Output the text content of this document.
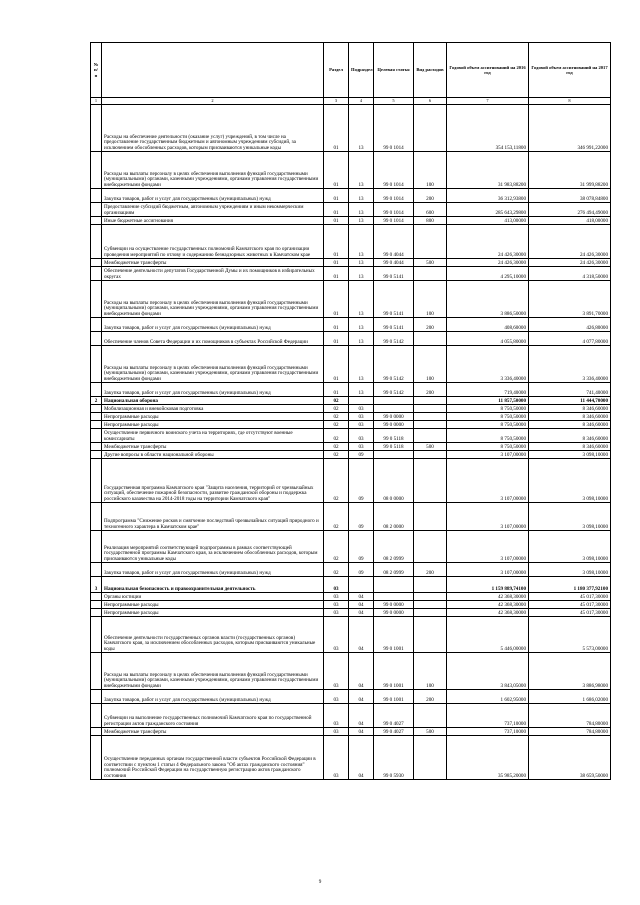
№ п/п		Раздел	Подраздел	Целевая статья	Вид расходов	Годовой объем ассигнований на 2016 год	Годовой объем ассигнований на 2017 год
1	2	3	4	5	6	7	8
	Расходы на обеспечение деятельности (оказание услуг) учреждений, в том числе на предоставление государственным бюджетным и автономным учреждениям субсидий, за исключением обособленных расходов, которым присваиваются уникальные коды	01	13	99 0 1014		354 153,11800	346 991,22000
	Расходы на выплаты персоналу в целях обеспечения выполнения функций государственными (муниципальными) органами, казенными учреждениями, органами управления государственными внебюджетными фондами	01	13	99 0 1014	100	31 983,88200	31 999,88200
	Закупка товаров, работ и услуг для государственных (муниципальных) нужд	01	13	99 0 1014	200	36 312,93800	38 078,84800
	Предоставление субсидий бюджетным, автономным учреждениям и иным некоммерческим организациям	01	13	99 0 1014	600	285 643,29800	276 494,49000
	Иные бюджетные ассигнования	01	13	99 0 1014	800	413,00000	418,00000
	Субвенции на осуществление государственных полномочий Камчатского края по организации проведения мероприятий по отлову и содержанию безнадзорных животных в Камчатском крае	01	13	99 0 4044		24 426,30000	24 426,30000
	Межбюджетные трансферты	01	13	99 0 4044	500	24 426,30000	24 426,30000
	Обеспечение деятельности депутатов Государственной Думы и их помощников в избирательных округах	01	13	99 0 5141		4 295,10000	4 318,50000
	Расходы на выплаты персоналу в целях обеспечения выполнения функций государственными (муниципальными) органами, казенными учреждениями, органами управления государственными внебюджетными фондами	01	13	99 0 5141	100	3 886,50000	3 891,70000
	Закупка товаров, работ и услуг для государственных (муниципальных) нужд	01	13	99 0 5141	200	408,60000	426,80000
	Обеспечение членов Совета Федерации и их помощников в субъектах Российской Федерации	01	13	99 0 5142		4 055,80000	4 077,80000
	Расходы на выплаты персоналу в целях обеспечения выполнения функций государственными (муниципальными) органами, казенными учреждениями, органами управления государственными внебюджетными фондами	01	13	99 0 5142	100	3 336,40000	3 336,40000
	Закупка товаров, работ и услуг для государственных (муниципальных) нужд	01	13	99 0 5142	200	719,40000	741,40000
2	Национальная оборона	02				11 857,50000	11 444,70000
	Мобилизационная и вневойсковая подготовка	02	03			8 750,50000	8 346,60000
	Непрограммные расходы	02	03	99 0 0000		8 750,50000	8 346,60000
	Непрограммные расходы	02	03	99 0 0000		8 750,50000	8 346,60000
	Осуществление первичного воинского учета на территориях, где отсутствуют военные комиссариаты	02	03	99 0 5118		8 750,50000	8 346,60000
	Межбюджетные трансферты	02	03	99 0 5118	500	8 750,50000	8 346,60000
	Другие вопросы в области национальной обороны	02	09			3 107,00000	3 098,10000
	Государственная программа Камчатского края "Защита населения, территорий от чрезвычайных ситуаций, обеспечение пожарной безопасности, развитие гражданской обороны и поддержка российского казачества на 2014-2018 годы на территории Камчатского края"	02	09	08 0 0000		3 107,00000	3 098,10000
	Подпрограмма "Снижение рисков и смягчение последствий чрезвычайных ситуаций природного и техногенного характера в Камчатском крае"	02	09	08 2 0000		3 107,00000	3 098,10000
	Реализация мероприятий соответствующей подпрограммы в рамках соответствующей государственной программы Камчатского края, за исключением обособленных расходов, которым присваиваются уникальные коды	02	09	08 2 0999		3 107,00000	3 098,10000
	Закупка товаров, работ и услуг для государственных (муниципальных) нужд	02	09	08 2 0999	200	3 107,00000	3 098,10000
3	Национальная безопасность и правоохранительная деятельность	03				1 159 889,74100	1 180 377,92100
	Органы юстиции	03	04			42 368,30000	45 017,30000
	Непрограммные расходы	03	04	99 0 0000		42 368,30000	45 017,30000
	Непрограммные расходы	03	04	99 0 0000		42 368,30000	45 017,30000
	Обеспечение деятельности государственных органов власти (государственных органов) Камчатского края, за исключением обособленных расходов, которым присваиваются уникальные коды	03	04	99 0 1001		5 446,00000	5 573,00000
	Расходы на выплаты персоналу в целях обеспечения выполнения функций государственными (муниципальными) органами, казенными учреждениями, органами управления государственными внебюджетными фондами	03	04	99 0 1001	100	3 843,05000	3 886,98000
	Закупка товаров, работ и услуг для государственных (муниципальных) нужд	03	04	99 0 1001	200	1 602,95000	1 686,02000
	Субвенции на выполнение государственных полномочий Камчатского края по государственной регистрации актов гражданского состояния	03	04	99 0 4027		737,10000	784,80000
	Межбюджетные трансферты	03	04	99 0 4027	500	737,10000	784,80000
	Осуществление переданных органам государственной власти субъектов Российской Федерации в соответствии с пунктом 1 статьи 4 Федерального закона "Об актах гражданского состояния" полномочий Российской Федерации на государственную регистрацию актов гражданского состояния	03	04	99 0 5930		35 985,20000	38 659,50000
9
